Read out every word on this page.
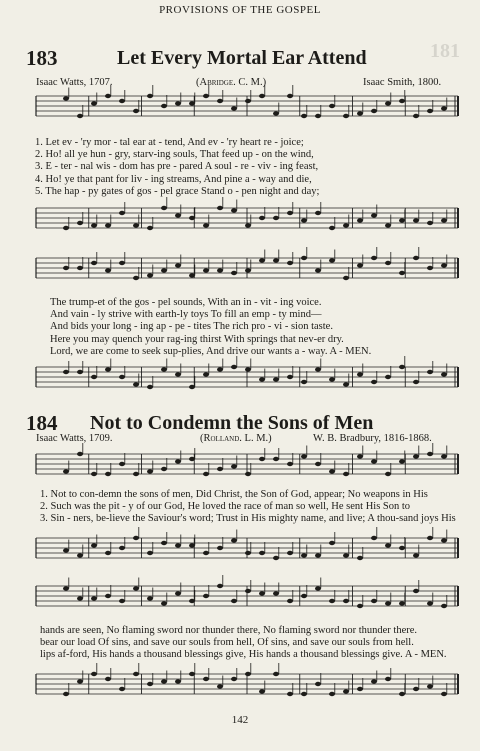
PROVISIONS OF THE GOSPEL
181
183	Let Every Mortal Ear Attend
Isaac Watts, 1707.	(Abridge. C. M.)	Isaac Smith, 1800.
1. Let ev - 'ry mor - tal ear at - tend, And ev - 'ry heart re - joice;
2. Ho! all ye hun - gry, starv-ing souls, That feed up - on the wind,
3. E - ter - nal wis - dom has pre - pared A soul - re - viv - ing feast,
4. Ho! ye that pant for liv - ing streams, And pine a - way and die,
5. The hap - py gates of gos - pel grace Stand o - pen night and day;
The trump-et of the gos - pel sounds, With an in - vit - ing voice.
And vain - ly strive with earth-ly toys To fill an emp - ty mind—
And bids your long - ing ap - pe - tites The rich pro - vi - sion taste.
Here you may quench your rag-ing thirst With springs that nev-er dry.
Lord, we are come to seek sup-plies, And drive our wants a - way. A - MEN.
184 Not to Condemn the Sons of Men
Isaac Watts, 1709.	(Rolland. L. M.)	W. B. Bradbury, 1816-1868.
1. Not to con-demn the sons of men, Did Christ, the Son of God, appear; No weapons in His
2. Such was the pit - y of our God, He loved the race of man so well, He sent His Son to
3. Sin - ners, be-lieve the Saviour's word; Trust in His mighty name, and live; A thou-sand joys His
hands are seen, No flaming sword nor thunder there, No flaming sword nor thunder there.
bear our load Of sins, and save our souls from hell, Of sins, and save our souls from hell.
lips af-ford, His hands a thousand blessings give, His hands a thousand blessings give. A - MEN.
142
